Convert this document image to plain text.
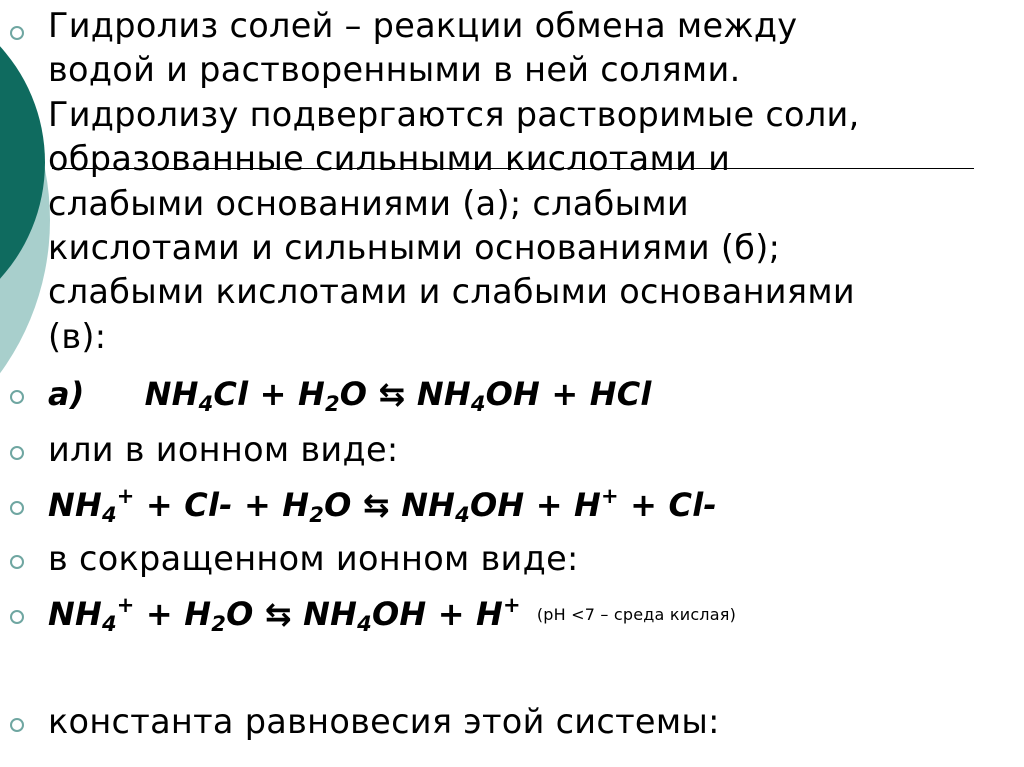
Гидролиз солей – реакции обмена между
водой и растворенными в ней солями.
Гидролизу подвергаются растворимые соли,
образованные сильными кислотами и
слабыми основаниями (а); слабыми
кислотами и сильными основаниями (б);
слабыми кислотами и слабыми основаниями
(в):
а) $NH_4Cl + H_2O$ ⇆ $NH_4OH$ + HCl
или в ионном виде:
$NH_4^+ + Cl- + H_2O$ ⇆ $NH_4OH + H^+ + Cl-$
в сокращенном ионном виде:
$NH_4^+ + H_2O$ ⇆ $NH_4OH + H^+$ (pH <7 – среда кислая)
константа равновесия этой системы:
